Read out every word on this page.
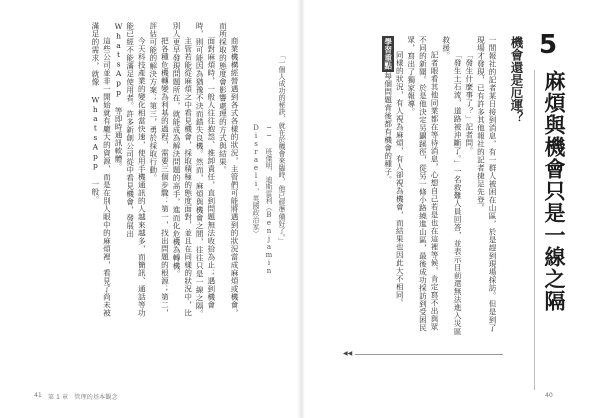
商業機構經營遇到各式各樣的狀況，主管們可能將遇到的狀況當成麻煩或機會，而所採取的態度會影響處理的方式與結果。

面對麻煩時，一般人往往抱怨、推卸責任，直到問題無法收拾為止；遇到機會時，則可能因為猶豫不決而錯失良機。然而，麻煩與機會之間，往往只是一線之隔。

主管若能從麻煩之中看見機會，採取積極的態度面對，並且在同樣的狀況中，比別人更早發現問題所在，就能成為解決問題的高手，進而化危機為轉機。

把各種危機轉變為利基的過程，需要三個步驟：第一，找出問題的根源；第二，評估可能的解決方案；第三，勇於採取行動。

今天科技產業的變化相當快速，使用手機通訊的人越來越多，而簡訊、通話等功能已經不能滿足使用者。許多新創公司從中看見機會，發展出 WhatsApp 等即時通訊軟體。

這些公司並非一開始就有龐大的資源，而是在別人眼中的麻煩裡，看見了尚未被滿足的需求，就像 WhatsApp 一般。	「一個人成功的秘訣，就在於機會來臨時，他已經準備好了。」

── 班傑明．迪斯雷利（Benjamin Disraeli，英國政治家）

41 第 1 章　管理的基本觀念
5
麻煩與機會只是一線之隔
機會還是厄運？

一間報社的記者某日接到消息，有一群人被困在山區，於是趕到現場採訪。但是到了現場才發現，已有許多其他報社的記者捷足先登。

「發生什麼事了？」記者問。

「發生土石流，道路被沖斷了。」一名救難人員回答，並表示目前還無法進入災區救援。

記者眼看其他同業都在等待消息，心想自己若是也在這裡等候，肯定寫不出與眾不同的新聞。於是他決定另闢蹊徑，從另一條小路繞進山區，最後成功採訪到受困民眾，寫出了獨家報導。

同樣的狀況，有人視為麻煩，有人卻視為機會，而結果也因此大不相同。

學習重點每個問題背後都有機會的種子。

◀◀
40
